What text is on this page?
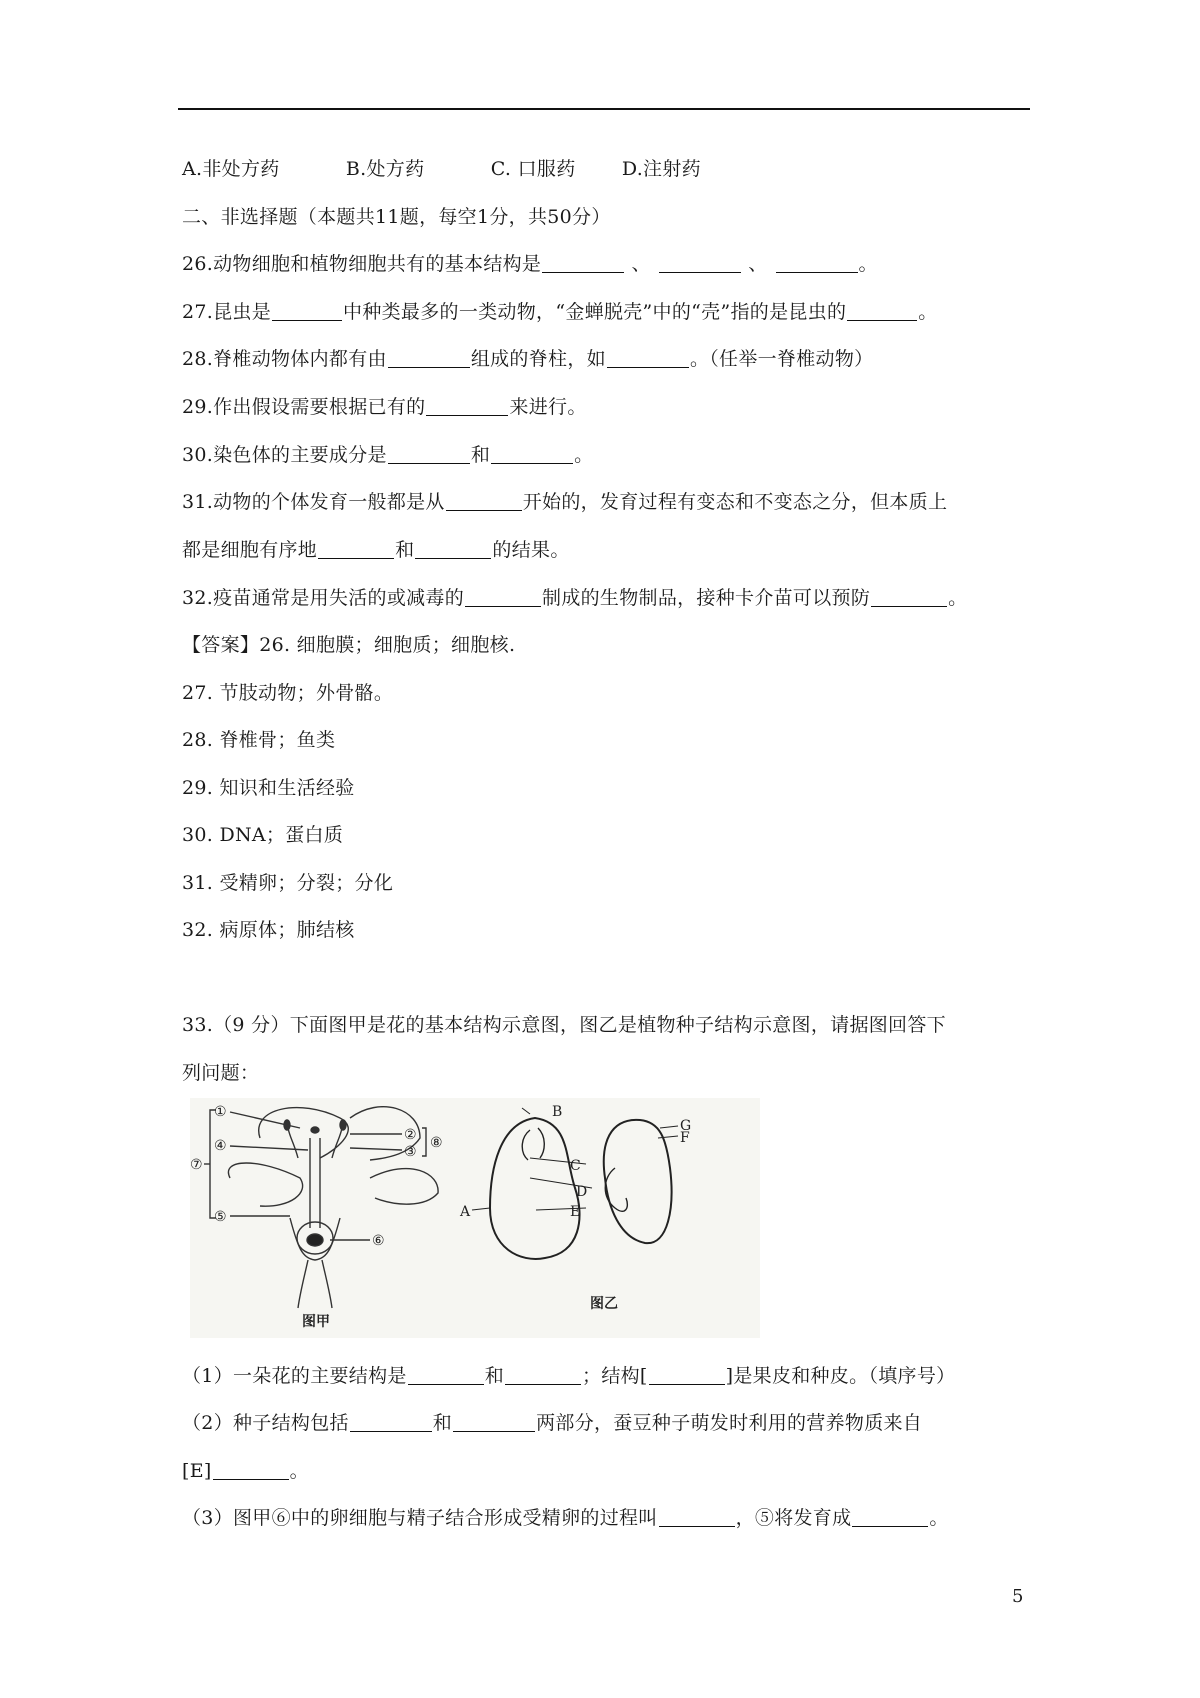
A.非处方药	B.处方药	C. 口服药 D.注射药
二、非选择题（本题共11题，每空1分，共50分）
26.动物细胞和植物细胞共有的基本结构是	、	、	。
27.昆虫是	中种类最多的一类动物，“金蝉脱壳”中的“壳”指的是昆虫的	。
28.脊椎动物体内都有由	组成的脊柱，如	。（任举一脊椎动物）
29.作出假设需要根据已有的	来进行。
30.染色体的主要成分是	和	。
31.动物的个体发育一般都是从	开始的，发育过程有变态和不变态之分，但本质上
都是细胞有序地	和	的结果。
32.疫苗通常是用失活的或减毒的	制成的生物制品，接种卡介苗可以预防	。
【答案】26. 细胞膜；细胞质；细胞核.
27. 节肢动物；外骨骼。
28. 脊椎骨；鱼类
29. 知识和生活经验
30. DNA；蛋白质
31. 受精卵；分裂；分化
32. 病原体；肺结核
33.（9 分）下面图甲是花的基本结构示意图，图乙是植物种子结构示意图，请据图回答下
列问题：
①
②
③
④
⑤
⑥
⑦
⑧
图甲
A
B
C
D
E
F
G
图乙
（1）一朵花的主要结构是	和	；结构[	]是果皮和种皮。（填序号）
（2）种子结构包括	和	两部分，蚕豆种子萌发时利用的营养物质来自
[E]	。
（3）图甲⑥中的卵细胞与精子结合形成受精卵的过程叫	，⑤将发育成	。
5
